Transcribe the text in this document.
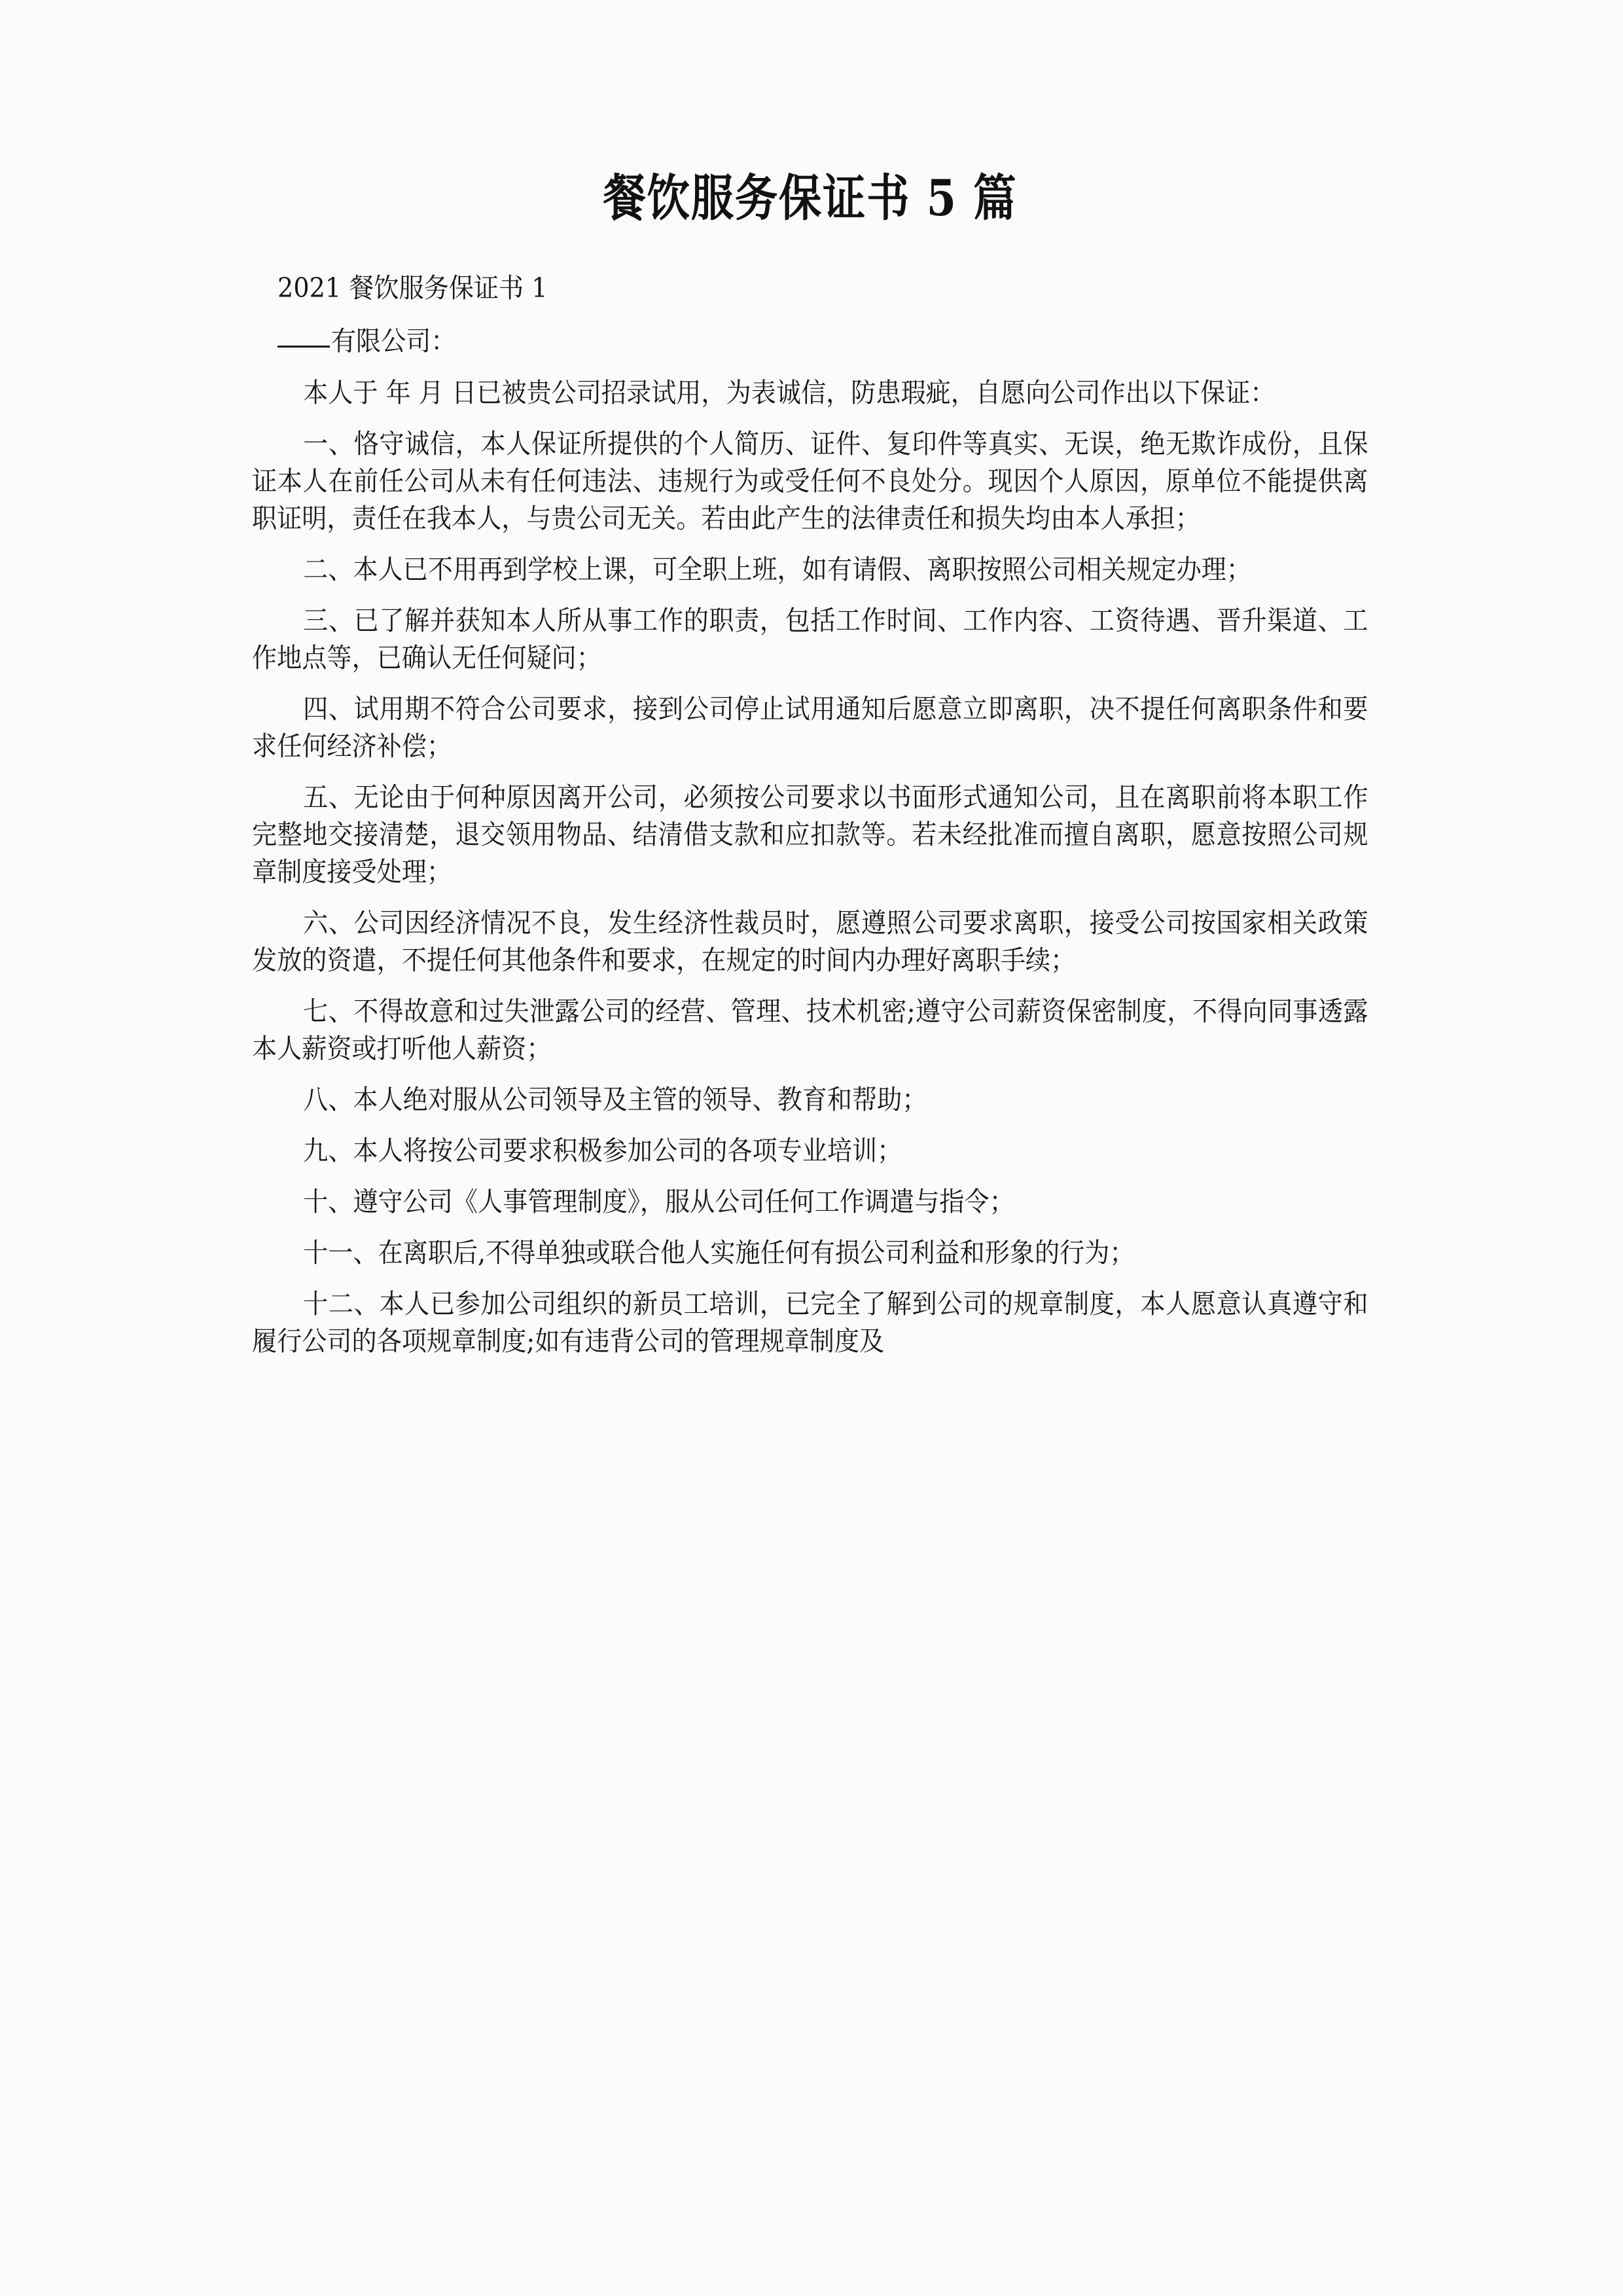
餐饮服务保证书 5 篇

2021 餐饮服务保证书 1

有限公司：

本人于 年 月 日已被贵公司招录试用，为表诚信，防患瑕疵，自愿向公司作出以下保证：

一、恪守诚信，本人保证所提供的个人简历、证件、复印件等真实、无误，绝无欺诈成份，且保证本人在前任公司从未有任何违法、违规行为或受任何不良处分。现因个人原因，原单位不能提供离职证明，责任在我本人，与贵公司无关。若由此产生的法律责任和损失均由本人承担；

二、本人已不用再到学校上课，可全职上班，如有请假、离职按照公司相关规定办理；

三、已了解并获知本人所从事工作的职责，包括工作时间、工作内容、工资待遇、晋升渠道、工作地点等，已确认无任何疑问；

四、试用期不符合公司要求，接到公司停止试用通知后愿意立即离职，决不提任何离职条件和要求任何经济补偿；

五、无论由于何种原因离开公司，必须按公司要求以书面形式通知公司，且在离职前将本职工作完整地交接清楚，退交领用物品、结清借支款和应扣款等。若未经批准而擅自离职，愿意按照公司规章制度接受处理；

六、公司因经济情况不良，发生经济性裁员时，愿遵照公司要求离职，接受公司按国家相关政策发放的资遣，不提任何其他条件和要求，在规定的时间内办理好离职手续；

七、不得故意和过失泄露公司的经营、管理、技术机密;遵守公司薪资保密制度，不得向同事透露本人薪资或打听他人薪资；

八、本人绝对服从公司领导及主管的领导、教育和帮助；

九、本人将按公司要求积极参加公司的各项专业培训；

十、遵守公司《人事管理制度》，服从公司任何工作调遣与指令；

十一、在离职后,不得单独或联合他人实施任何有损公司利益和形象的行为；

十二、本人已参加公司组织的新员工培训，已完全了解到公司的规章制度，本人愿意认真遵守和履行公司的各项规章制度;如有违背公司的管理规章制度及
